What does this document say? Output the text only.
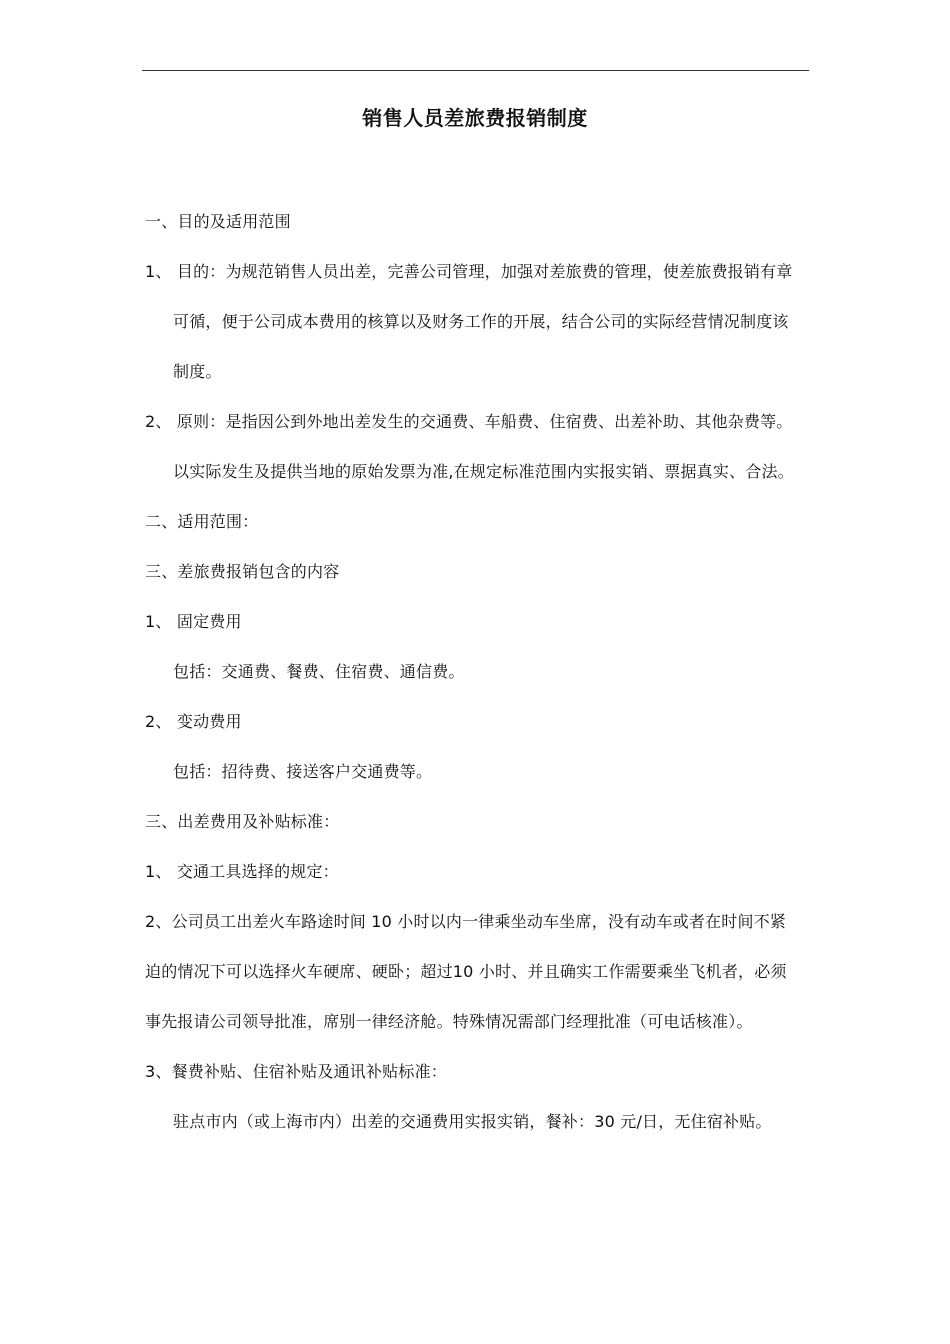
销售人员差旅费报销制度
一、目的及适用范围
1、 目的：为规范销售人员出差，完善公司管理，加强对差旅费的管理，使差旅费报销有章
可循，便于公司成本费用的核算以及财务工作的开展，结合公司的实际经营情况制度该
制度。
2、 原则：是指因公到外地出差发生的交通费、车船费、住宿费、出差补助、其他杂费等。
以实际发生及提供当地的原始发票为准,在规定标准范围内实报实销、票据真实、合法。
二、适用范围：
三、差旅费报销包含的内容
1、 固定费用
包括：交通费、餐费、住宿费、通信费。
2、 变动费用
包括：招待费、接送客户交通费等。
三、出差费用及补贴标准：
1、 交通工具选择的规定：
2、公司员工出差火车路途时间 10 小时以内一律乘坐动车坐席，没有动车或者在时间不紧
迫的情况下可以选择火车硬席、硬卧；超过10 小时、并且确实工作需要乘坐飞机者，必须
事先报请公司领导批准，席别一律经济舱。特殊情况需部门经理批准（可电话核准）。
3、餐费补贴、住宿补贴及通讯补贴标准：
驻点市内（或上海市内）出差的交通费用实报实销，餐补：30 元/日，无住宿补贴。
